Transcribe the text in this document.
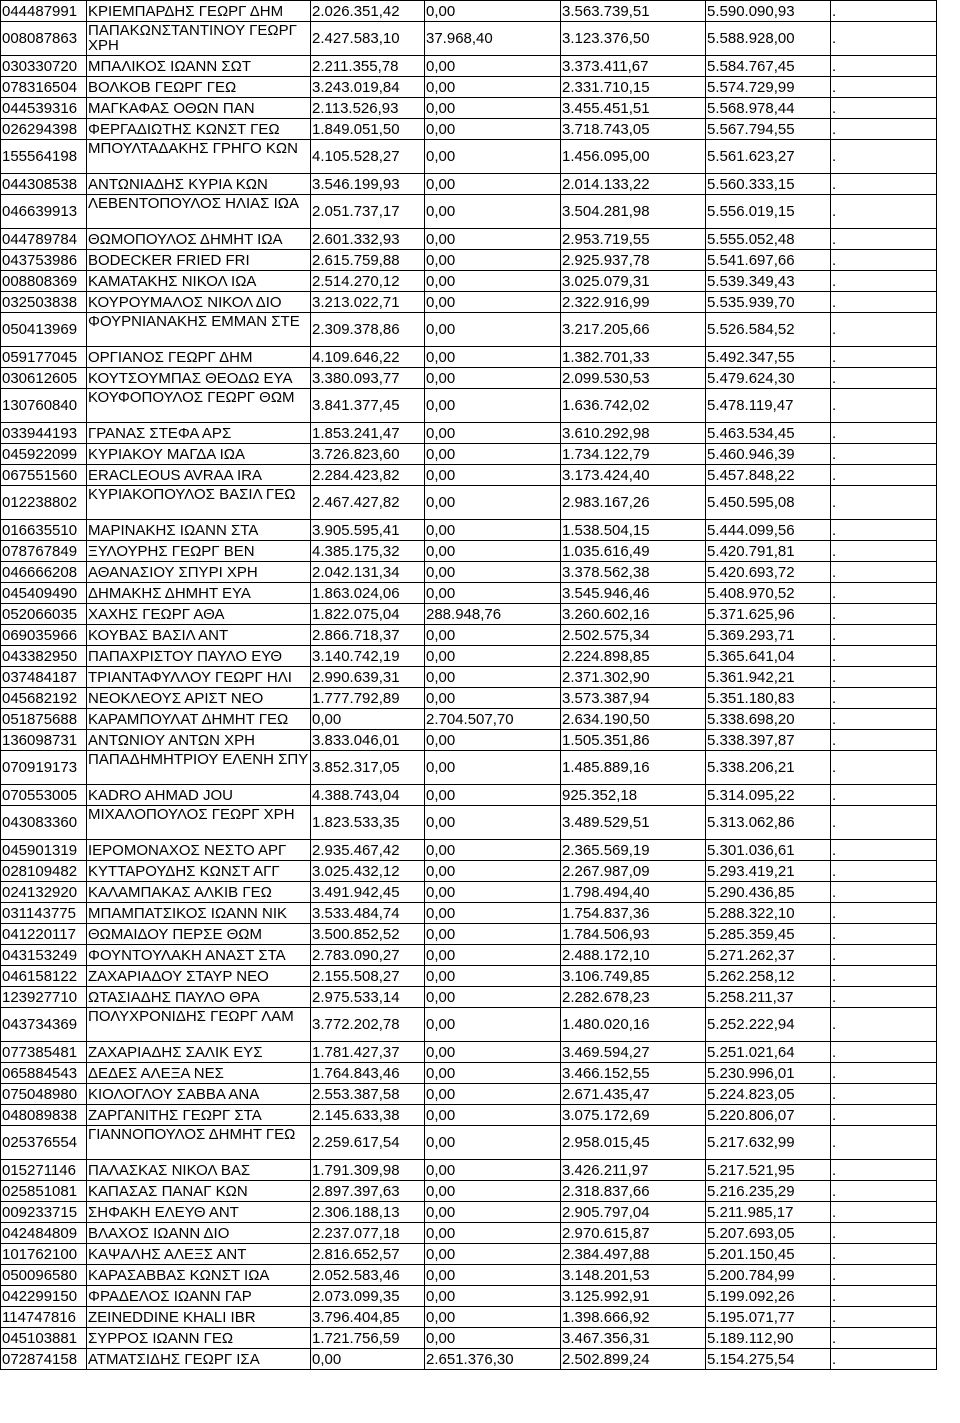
044487991	ΚΡΙΕΜΠΑΡΔΗΣ ΓΕΩΡΓ ΔΗΜ	2.026.351,42	0,00	3.563.739,51	5.590.090,93	.
008087863	ΠΑΠΑΚΩΝΣΤΑΝΤΙΝΟΥ ΓΕΩΡΓ ΧΡΗ	2.427.583,10	37.968,40	3.123.376,50	5.588.928,00	.
030330720	ΜΠΑΛΙΚΟΣ ΙΩΑΝΝ ΣΩΤ	2.211.355,78	0,00	3.373.411,67	5.584.767,45	.
078316504	ΒΟΛΚΟΒ ΓΕΩΡΓ ΓΕΩ	3.243.019,84	0,00	2.331.710,15	5.574.729,99	.
044539316	ΜΑΓΚΑΦΑΣ ΟΘΩΝ ΠΑΝ	2.113.526,93	0,00	3.455.451,51	5.568.978,44	.
026294398	ΦΕΡΓΑΔΙΩΤΗΣ ΚΩΝΣΤ ΓΕΩ	1.849.051,50	0,00	3.718.743,05	5.567.794,55	.
155564198	ΜΠΟΥΛΤΑΔΑΚΗΣ ΓΡΗΓΟ ΚΩΝ	4.105.528,27	0,00	1.456.095,00	5.561.623,27	.
044308538	ΑΝΤΩΝΙΑΔΗΣ ΚΥΡΙΑ ΚΩΝ	3.546.199,93	0,00	2.014.133,22	5.560.333,15	.
046639913	ΛΕΒΕΝΤΟΠΟΥΛΟΣ ΗΛΙΑΣ ΙΩΑ	2.051.737,17	0,00	3.504.281,98	5.556.019,15	.
044789784	ΘΩΜΟΠΟΥΛΟΣ ΔΗΜΗΤ ΙΩΑ	2.601.332,93	0,00	2.953.719,55	5.555.052,48	.
043753986	BODECKER FRIED FRI	2.615.759,88	0,00	2.925.937,78	5.541.697,66	.
008808369	ΚΑΜΑΤΑΚΗΣ ΝΙΚΟΛ ΙΩΑ	2.514.270,12	0,00	3.025.079,31	5.539.349,43	.
032503838	ΚΟΥΡΟΥΜΑΛΟΣ ΝΙΚΟΛ ΔΙΟ	3.213.022,71	0,00	2.322.916,99	5.535.939,70	.
050413969	ΦΟΥΡΝΙΑΝΑΚΗΣ ΕΜΜΑΝ ΣΤΕ	2.309.378,86	0,00	3.217.205,66	5.526.584,52	.
059177045	ΟΡΓΙΑΝΟΣ ΓΕΩΡΓ ΔΗΜ	4.109.646,22	0,00	1.382.701,33	5.492.347,55	.
030612605	ΚΟΥΤΣΟΥΜΠΑΣ ΘΕΟΔΩ ΕΥΑ	3.380.093,77	0,00	2.099.530,53	5.479.624,30	.
130760840	ΚΟΥΦΟΠΟΥΛΟΣ ΓΕΩΡΓ ΘΩΜ	3.841.377,45	0,00	1.636.742,02	5.478.119,47	.
033944193	ΓΡΑΝΑΣ ΣΤΕΦΑ ΑΡΣ	1.853.241,47	0,00	3.610.292,98	5.463.534,45	.
045922099	ΚΥΡΙΑΚΟΥ ΜΑΓΔΑ ΙΩΑ	3.726.823,60	0,00	1.734.122,79	5.460.946,39	.
067551560	ERACLEOUS AVRAA IRA	2.284.423,82	0,00	3.173.424,40	5.457.848,22	.
012238802	ΚΥΡΙΑΚΟΠΟΥΛΟΣ ΒΑΣΙΛ ΓΕΩ	2.467.427,82	0,00	2.983.167,26	5.450.595,08	.
016635510	ΜΑΡΙΝΑΚΗΣ ΙΩΑΝΝ ΣΤΑ	3.905.595,41	0,00	1.538.504,15	5.444.099,56	.
078767849	ΞΥΛΟΥΡΗΣ ΓΕΩΡΓ ΒΕΝ	4.385.175,32	0,00	1.035.616,49	5.420.791,81	.
046666208	ΑΘΑΝΑΣΙΟΥ ΣΠΥΡΙ ΧΡΗ	2.042.131,34	0,00	3.378.562,38	5.420.693,72	.
045409490	ΔΗΜΑΚΗΣ ΔΗΜΗΤ ΕΥΑ	1.863.024,06	0,00	3.545.946,46	5.408.970,52	.
052066035	ΧΑΧΗΣ ΓΕΩΡΓ ΑΘΑ	1.822.075,04	288.948,76	3.260.602,16	5.371.625,96	.
069035966	ΚΟΥΒΑΣ ΒΑΣΙΛ ΑΝΤ	2.866.718,37	0,00	2.502.575,34	5.369.293,71	.
043382950	ΠΑΠΑΧΡΙΣΤΟΥ ΠΑΥΛΟ ΕΥΘ	3.140.742,19	0,00	2.224.898,85	5.365.641,04	.
037484187	ΤΡΙΑΝΤΑΦΥΛΛΟΥ ΓΕΩΡΓ ΗΛΙ	2.990.639,31	0,00	2.371.302,90	5.361.942,21	.
045682192	ΝΕΟΚΛΕΟΥΣ ΑΡΙΣΤ ΝΕΟ	1.777.792,89	0,00	3.573.387,94	5.351.180,83	.
051875688	ΚΑΡΑΜΠΟΥΛΑΤ ΔΗΜΗΤ ΓΕΩ	0,00	2.704.507,70	2.634.190,50	5.338.698,20	.
136098731	ΑΝΤΩΝΙΟΥ ΑΝΤΩΝ ΧΡΗ	3.833.046,01	0,00	1.505.351,86	5.338.397,87	.
070919173	ΠΑΠΑΔΗΜΗΤΡΙΟΥ ΕΛΕΝΗ ΣΠΥ	3.852.317,05	0,00	1.485.889,16	5.338.206,21	.
070553005	KADRO AHMAD JOU	4.388.743,04	0,00	925.352,18	5.314.095,22	.
043083360	ΜΙΧΑΛΟΠΟΥΛΟΣ ΓΕΩΡΓ ΧΡΗ	1.823.533,35	0,00	3.489.529,51	5.313.062,86	.
045901319	ΙΕΡΟΜΟΝΑΧΟΣ ΝΕΣΤΟ ΑΡΓ	2.935.467,42	0,00	2.365.569,19	5.301.036,61	.
028109482	ΚΥΤΤΑΡΟΥΔΗΣ ΚΩΝΣΤ ΑΓΓ	3.025.432,12	0,00	2.267.987,09	5.293.419,21	.
024132920	ΚΑΛΑΜΠΑΚΑΣ ΑΛΚΙΒ ΓΕΩ	3.491.942,45	0,00	1.798.494,40	5.290.436,85	.
031143775	ΜΠΑΜΠΑΤΣΙΚΟΣ ΙΩΑΝΝ ΝΙΚ	3.533.484,74	0,00	1.754.837,36	5.288.322,10	.
041220117	ΘΩΜΑΙΔΟΥ ΠΕΡΣΕ ΘΩΜ	3.500.852,52	0,00	1.784.506,93	5.285.359,45	.
043153249	ΦΟΥΝΤΟΥΛΑΚΗ ΑΝΑΣΤ ΣΤΑ	2.783.090,27	0,00	2.488.172,10	5.271.262,37	.
046158122	ΖΑΧΑΡΙΑΔΟΥ ΣΤΑΥΡ ΝΕΟ	2.155.508,27	0,00	3.106.749,85	5.262.258,12	.
123927710	ΩΤΑΣΙΑΔΗΣ ΠΑΥΛΟ ΘΡΑ	2.975.533,14	0,00	2.282.678,23	5.258.211,37	.
043734369	ΠΟΛΥΧΡΟΝΙΔΗΣ ΓΕΩΡΓ ΛΑΜ	3.772.202,78	0,00	1.480.020,16	5.252.222,94	.
077385481	ΖΑΧΑΡΙΑΔΗΣ ΣΑΛΙΚ ΕΥΣ	1.781.427,37	0,00	3.469.594,27	5.251.021,64	.
065884543	ΔΕΔΕΣ ΑΛΕΞΑ ΝΕΣ	1.764.843,46	0,00	3.466.152,55	5.230.996,01	.
075048980	ΚΙΟΛΟΓΛΟΥ ΣΑΒΒΑ ΑΝΑ	2.553.387,58	0,00	2.671.435,47	5.224.823,05	.
048089838	ΖΑΡΓΑΝΙΤΗΣ ΓΕΩΡΓ ΣΤΑ	2.145.633,38	0,00	3.075.172,69	5.220.806,07	.
025376554	ΓΙΑΝΝΟΠΟΥΛΟΣ ΔΗΜΗΤ ΓΕΩ	2.259.617,54	0,00	2.958.015,45	5.217.632,99	.
015271146	ΠΑΛΑΣΚΑΣ ΝΙΚΟΛ ΒΑΣ	1.791.309,98	0,00	3.426.211,97	5.217.521,95	.
025851081	ΚΑΠΑΣΑΣ ΠΑΝΑΓ ΚΩΝ	2.897.397,63	0,00	2.318.837,66	5.216.235,29	.
009233715	ΣΗΦΑΚΗ ΕΛΕΥΘ ΑΝΤ	2.306.188,13	0,00	2.905.797,04	5.211.985,17	.
042484809	ΒΛΑΧΟΣ ΙΩΑΝΝ ΔΙΟ	2.237.077,18	0,00	2.970.615,87	5.207.693,05	.
101762100	ΚΑΨΑΛΗΣ ΑΛΕΞΣ ΑΝΤ	2.816.652,57	0,00	2.384.497,88	5.201.150,45	.
050096580	ΚΑΡΑΣΑΒΒΑΣ ΚΩΝΣΤ ΙΩΑ	2.052.583,46	0,00	3.148.201,53	5.200.784,99	.
042299150	ΦΡΑΔΕΛΟΣ ΙΩΑΝΝ ΓΑΡ	2.073.099,35	0,00	3.125.992,91	5.199.092,26	.
114747816	ZEINEDDINE KHALI IBR	3.796.404,85	0,00	1.398.666,92	5.195.071,77	.
045103881	ΣΥΡΡΟΣ ΙΩΑΝΝ ΓΕΩ	1.721.756,59	0,00	3.467.356,31	5.189.112,90	.
072874158	ΑΤΜΑΤΣΙΔΗΣ ΓΕΩΡΓ ΙΣΑ	0,00	2.651.376,30	2.502.899,24	5.154.275,54	.
